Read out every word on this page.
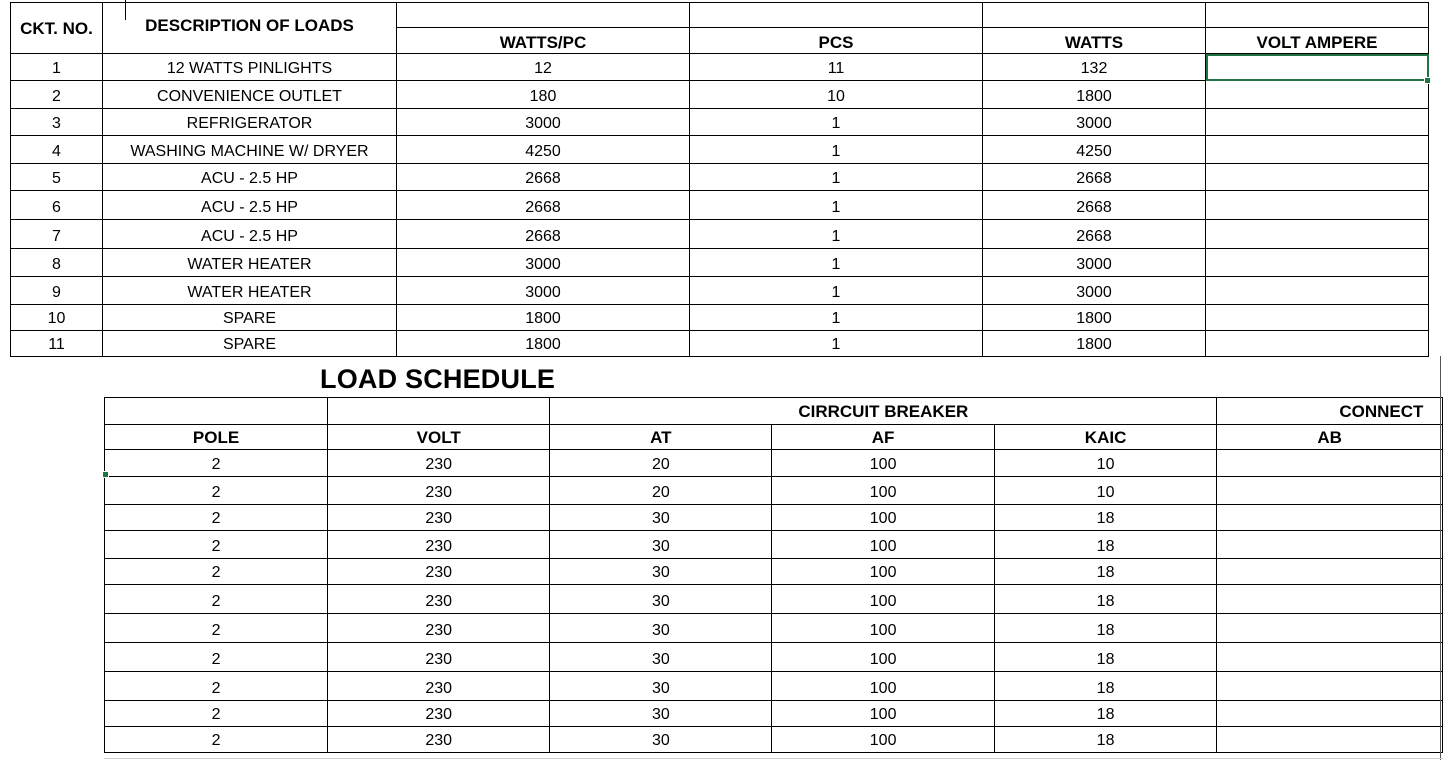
CKT. NO.	DESCRIPTION OF LOADS				
		WATTS/PC	PCS	WATTS	VOLT AMPERE
1	12 WATTS PINLIGHTS	12	11	132	
2	CONVENIENCE OUTLET	180	10	1800	
3	REFRIGERATOR	3000	1	3000	
4	WASHING MACHINE W/ DRYER	4250	1	4250	
5	ACU - 2.5 HP	2668	1	2668	
6	ACU - 2.5 HP	2668	1	2668	
7	ACU - 2.5 HP	2668	1	2668	
8	WATER HEATER	3000	1	3000	
9	WATER HEATER	3000	1	3000	
10	SPARE	1800	1	1800	
11	SPARE	1800	1	1800	
LOAD SCHEDULE
		CIRRCUIT BREAKER			CONNECT
POLE	VOLT	AT	AF	KAIC	AB
2	230	20	100	10	
2	230	20	100	10	
2	230	30	100	18	
2	230	30	100	18	
2	230	30	100	18	
2	230	30	100	18	
2	230	30	100	18	
2	230	30	100	18	
2	230	30	100	18	
2	230	30	100	18	
2	230	30	100	18	
